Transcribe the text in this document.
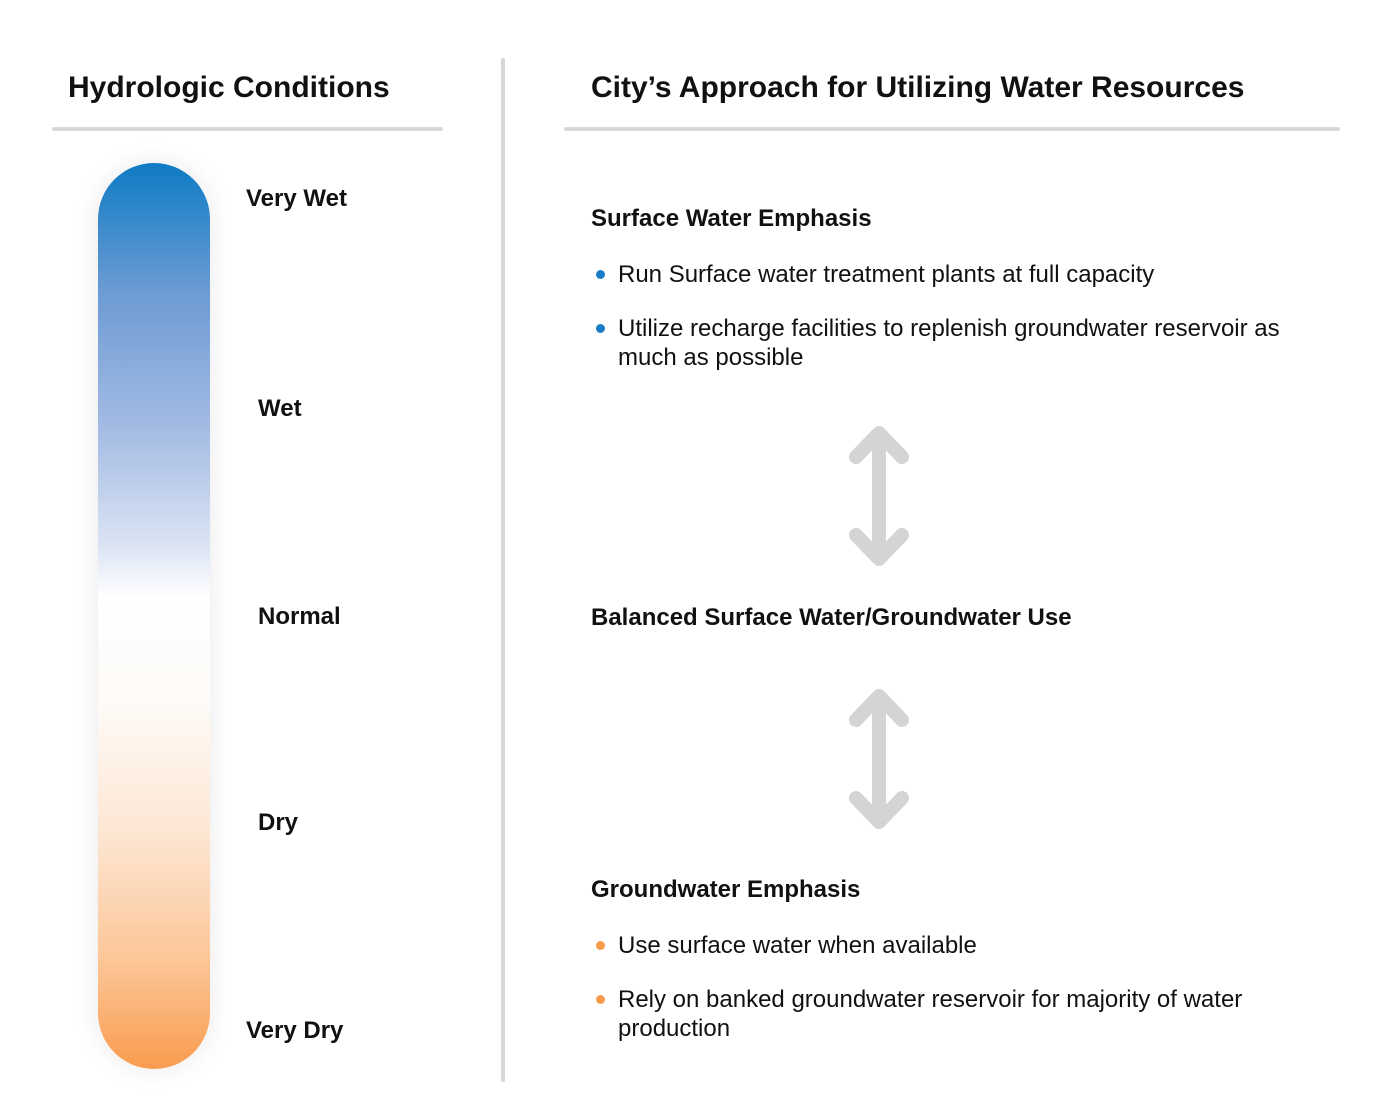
Hydrologic Conditions	City’s Approach for Utilizing Water Resources
Very Wet
Wet
Normal
Dry
Very Dry
Surface Water Emphasis
Run Surface water treatment plants at full capacity
Utilize recharge facilities to replenish groundwater reservoir as much as possible
Balanced Surface Water/Groundwater Use
Groundwater Emphasis
Use surface water when available
Rely on banked groundwater reservoir for majority of water production
